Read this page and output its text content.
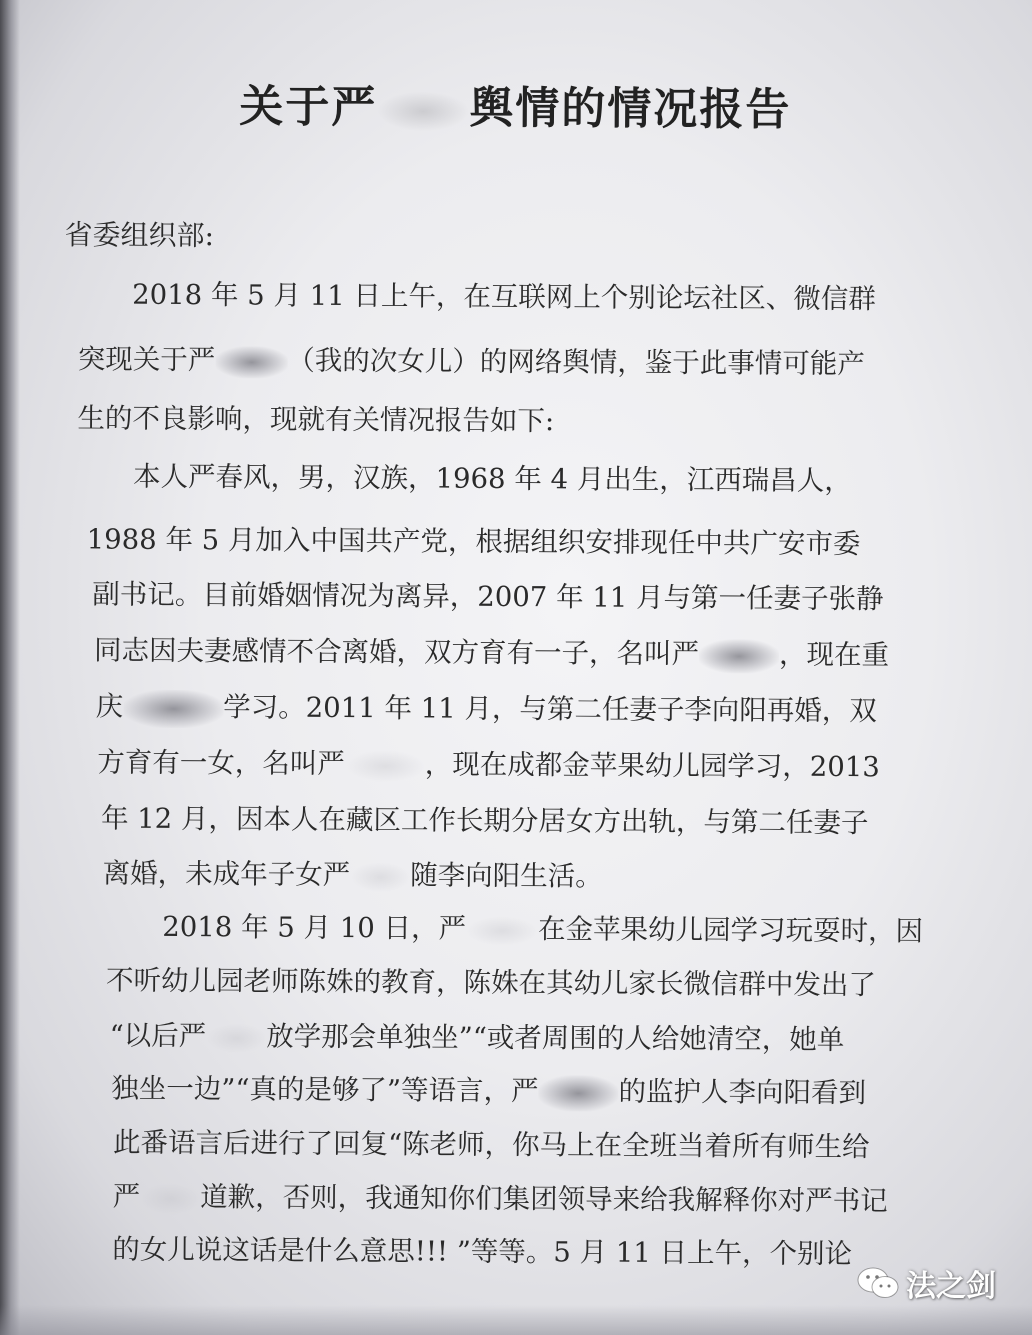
关于严 舆情的情况报告
省委组织部:
2018 年 5 月 11 日上午，在互联网上个别论坛社区、微信群
突现关于严	（我的次女儿）的网络舆情，鉴于此事情可能产
生的不良影响，现就有关情况报告如下:
本人严春风，男，汉族，1968 年 4 月出生，江西瑞昌人，
1988 年 5 月加入中国共产党，根据组织安排现任中共广安市委
副书记。目前婚姻情况为离异，2007 年 11 月与第一任妻子张静
同志因夫妻感情不合离婚，双方育有一子，名叫严	，现在重
庆	学习。2011 年 11 月，与第二任妻子李向阳再婚，双
方育有一女，名叫严	，现在成都金苹果幼儿园学习，2013
年 12 月，因本人在藏区工作长期分居女方出轨，与第二任妻子
离婚，未成年子女严 随李向阳生活。
2018 年 5 月 10 日，严	在金苹果幼儿园学习玩耍时，因
不听幼儿园老师陈姝的教育，陈姝在其幼儿家长微信群中发出了
“以后严 放学那会单独坐”“或者周围的人给她清空，她单
独坐一边”“真的是够了”等语言，严	的监护人李向阳看到
此番语言后进行了回复“陈老师，你马上在全班当着所有师生给
严 道歉，否则，我通知你们集团领导来给我解释你对严书记
的女儿说这话是什么意思!!! ”等等。5 月 11 日上午，个别论
法之剑
